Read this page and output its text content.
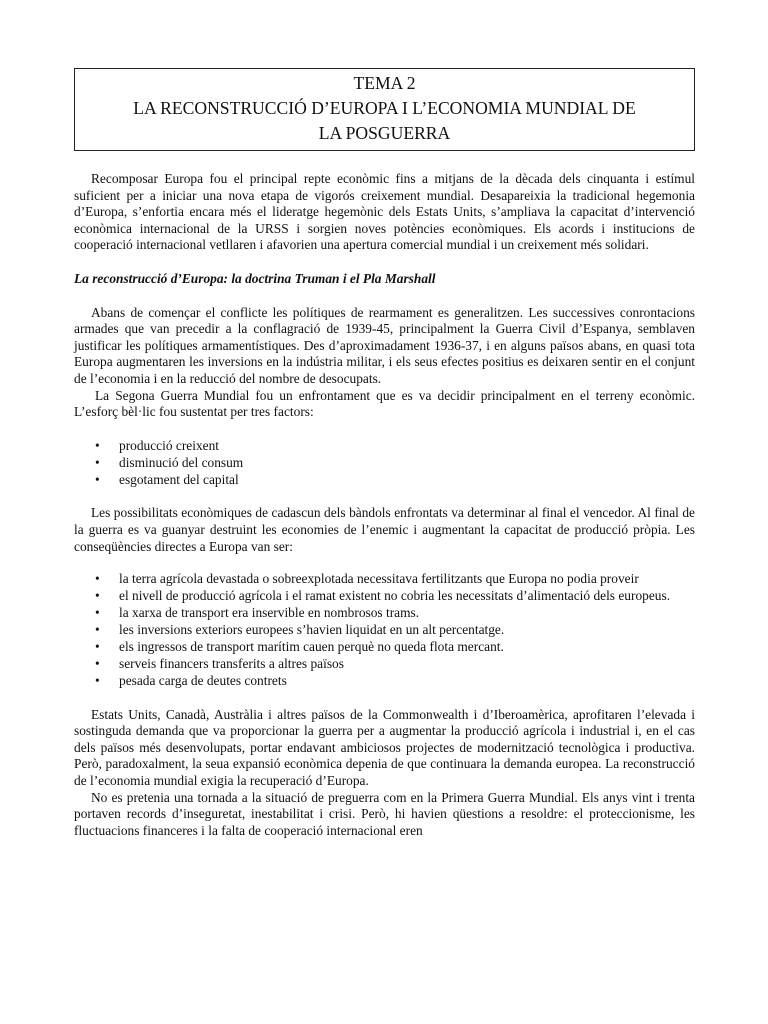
TEMA 2
LA RECONSTRUCCIÓ D’EUROPA I L’ECONOMIA MUNDIAL DE
LA POSGUERRA

Recomposar Europa fou el principal repte econòmic fins a mitjans de la dècada dels cinquanta i estímul suficient per a iniciar una nova etapa de vigorós creixement mundial. Desapareixia la tradicional hegemonia d’Europa, s’enfortia encara més el lideratge hegemònic dels Estats Units, s’ampliava la capacitat d’intervenció econòmica internacional de la URSS i sorgien noves potències econòmiques. Els acords i institucions de cooperació internacional vetllaren i afavorien una apertura comercial mundial i un creixement més solidari.

La reconstrucció d’Europa: la doctrina Truman i el Pla Marshall

Abans de començar el conflicte les polítiques de rearmament es generalitzen. Les successives conrontacions armades que van precedir a la conflagració de 1939-45, principalment la Guerra Civil d’Espanya, semblaven justificar les polítiques armamentístiques. Des d’aproximadament 1936-37, i en alguns països abans, en quasi tota Europa augmentaren les inversions en la indústria militar, i els seus efectes positius es deixaren sentir en el conjunt de l’economia i en la reducció del nombre de desocupats.

La Segona Guerra Mundial fou un enfrontament que es va decidir principalment en el terreny econòmic. L’esforç bèl·lic fou sustentat per tres factors:

• producció creixent
• disminució del consum
• esgotament del capital

Les possibilitats econòmiques de cadascun dels bàndols enfrontats va determinar al final el vencedor. Al final de la guerra es va guanyar destruint les economies de l’enemic i augmentant la capacitat de producció pròpia. Les conseqüències directes a Europa van ser:

• la terra agrícola devastada o sobreexplotada necessitava fertilitzants que Europa no podia proveir
• el nivell de producció agrícola i el ramat existent no cobria les necessitats d’alimentació dels europeus.
• la xarxa de transport era inservible en nombrosos trams.
• les inversions exteriors europees s’havien liquidat en un alt percentatge.
• els ingressos de transport marítim cauen perquè no queda flota mercant.
• serveis financers transferits a altres països
• pesada carga de deutes contrets

Estats Units, Canadà, Austràlia i altres països de la Commonwealth i d’Iberoamèrica, aprofitaren l’elevada i sostinguda demanda que va proporcionar la guerra per a augmentar la producció agrícola i industrial i, en el cas dels països més desenvolupats, portar endavant ambiciosos projectes de modernització tecnològica i productiva. Però, paradoxalment, la seua expansió econòmica depenia de que continuara la demanda europea. La reconstrucció de l’economia mundial exigia la recuperació d’Europa.

No es pretenia una tornada a la situació de preguerra com en la Primera Guerra Mundial. Els anys vint i trenta portaven records d’inseguretat, inestabilitat i crisi. Però, hi havien qüestions a resoldre: el proteccionisme, les fluctuacions financeres i la falta de cooperació internacional eren
